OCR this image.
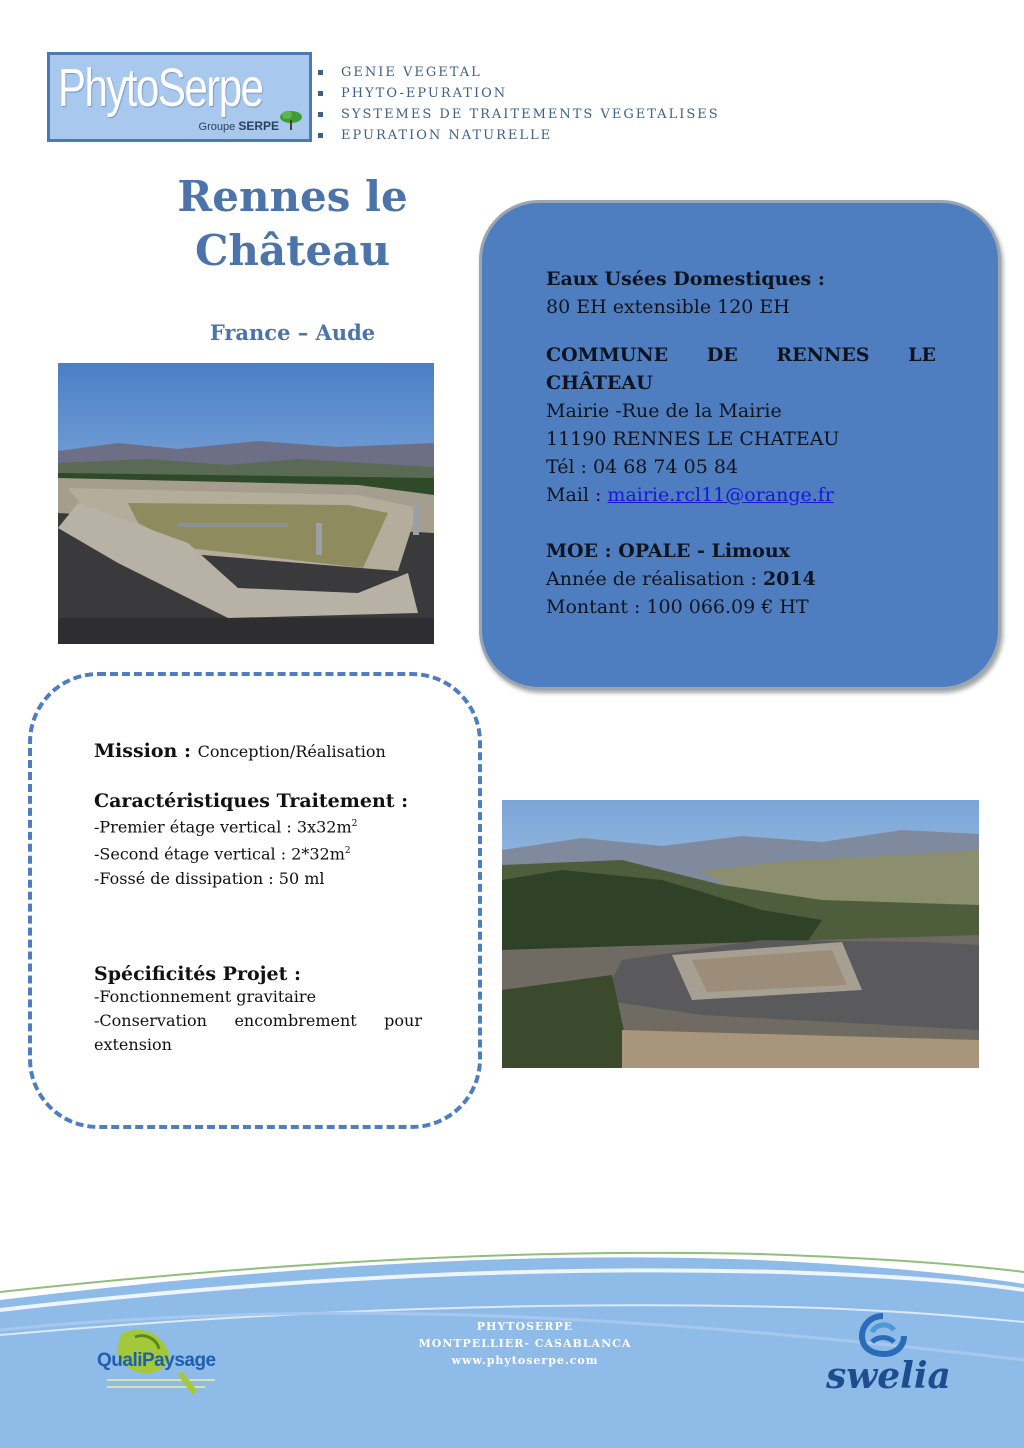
PhytoSerpe
Groupe SERPE
GENIE VEGETAL
PHYTO-EPURATION
SYSTEMES DE TRAITEMENTS VEGETALISES
EPURATION NATURELLE
Rennes le
Château
France – Aude

Eaux Usées Domestiques :

80 EH extensible 120 EH

COMMUNE DE RENNES LE

CHÂTEAU

Mairie -Rue de la Mairie

11190 RENNES LE CHATEAU

Tél : 04 68 74 05 84

Mail : mairie.rcl11@orange.fr

MOE : OPALE - Limoux

Année de réalisation : 2014

Montant : 100 066.09 € HT

Mission : Conception/Réalisation
Caractéristiques Traitement :
-Premier étage vertical : $3x32m^2$
-Second étage vertical : $2*32m^2$
-Fossé de dissipation : 50 ml
Spécificités Projet :
-Fonctionnement gravitaire
-Conservation encombrement pour
extension
PHYTOSERPE
MONTPELLIER- CASABLANCA
www.phytoserpe.com
QualiPaysage	swelia
